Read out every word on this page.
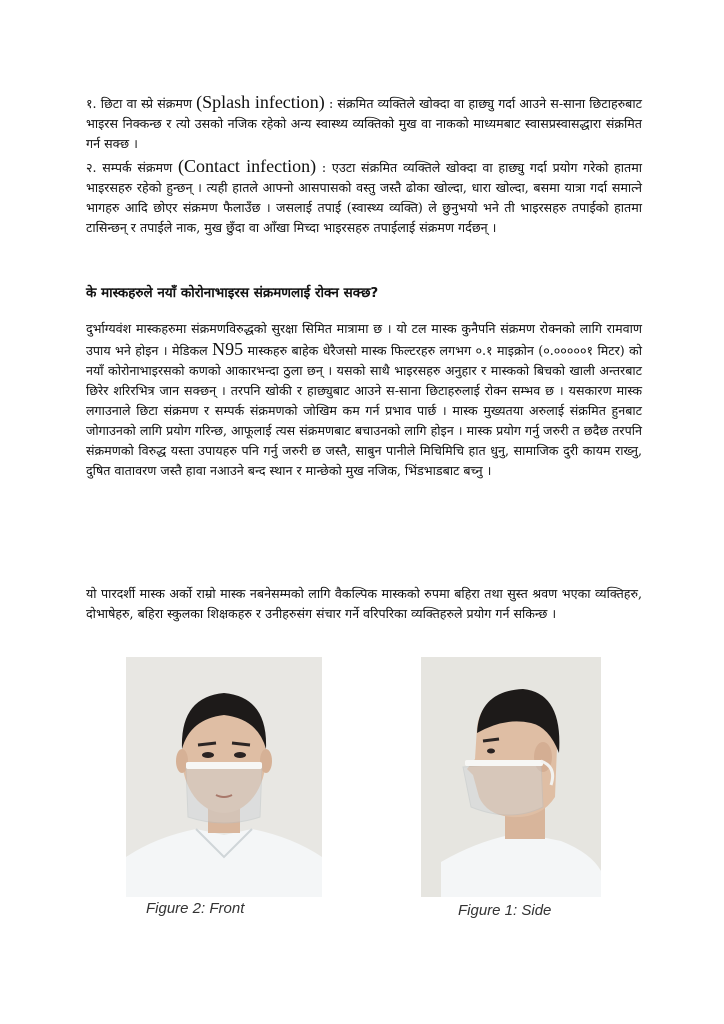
१. छिटा वा स्प्रे संक्रमण (Splash infection) : संक्रमित व्यक्तिले खोक्दा वा हाछ्यु गर्दा आउने स-साना छिटाहरुबाट भाइरस निक्कन्छ र त्यो उसको नजिक रहेको अन्य स्वास्थ्य व्यक्तिको मुख वा नाकको माध्यमबाट स्वासप्रस्वासद्धारा संक्रमित गर्न सक्छ ।
२. सम्पर्क संक्रमण (Contact infection) : एउटा संक्रमित व्यक्तिले खोक्दा वा हाछ्यु गर्दा प्रयोग गरेको हातमा भाइरसहरु रहेको हुन्छन् । त्यही हातले आफ्नो आसपासको वस्तु जस्तै ढोका खोल्दा, धारा खोल्दा, बसमा यात्रा गर्दा समात्ने भागहरु आदि छोएर संक्रमण फैलाउँछ । जसलाई तपाई (स्वास्थ्य व्यक्ति) ले छुनुभयो भने ती भाइरसहरु तपाईको हातमा टासिन्छन् र तपाईले नाक, मुख छुँदा वा आँखा मिच्दा भाइरसहरु तपाईलाई संक्रमण गर्दछन् ।
के मास्कहरुले नयाँ कोरोनाभाइरस संक्रमणलाई रोक्न सक्छ?
दुर्भाग्यवंश मास्कहरुमा संक्रमणविरुद्धको सुरक्षा सिमित मात्रामा छ । यो टल मास्क कुनैपनि संक्रमण रोक्नको लागि रामवाण उपाय भने होइन । मेडिकल N95 मास्कहरु बाहेक धेरैजसो मास्क फिल्टरहरु लगभग ०.१ माइक्रोन (०.०००००१ मिटर) को नयाँ कोरोनाभाइरसको कणको आकारभन्दा ठुला छन् । यसको साथै भाइरसहरु अनुहार र मास्कको बिचको खाली अन्तरबाट छिरेर शरिरभित्र जान सक्छन् । तरपनि खोकी र हाछ्युबाट आउने स-साना छिटाहरुलाई रोक्न सम्भव छ । यसकारण मास्क लगाउनाले छिटा संक्रमण र सम्पर्क संक्रमणको जोखिम कम गर्न प्रभाव पार्छ । मास्क मुख्यतया अरुलाई संक्रमित हुनबाट जोगाउनको लागि प्रयोग गरिन्छ, आफूलाई त्यस संक्रमणबाट बचाउनको लागि होइन । मास्क प्रयोग गर्नु जरुरी त छदैछ तरपनि संक्रमणको विरुद्ध यस्ता उपायहरु पनि गर्नु जरुरी छ जस्तै, साबुन पानीले मिचिमिचि हात धुनु, सामाजिक दुरी कायम राख्नु, दुषित वातावरण जस्तै हावा नआउने बन्द स्थान र मान्छेको मुख नजिक, भिंडभाडबाट बच्नु ।
यो पारदर्शी मास्क अर्को राम्रो मास्क नबनेसम्मको लागि वैकल्पिक मास्कको रुपमा बहिरा तथा सुस्त श्रवण भएका व्यक्तिहरु, दोभाषेहरु, बहिरा स्कुलका शिक्षकहरु र उनीहरुसंग संचार गर्ने वरिपरिका व्यक्तिहरुले प्रयोग गर्न सकिन्छ ।
Figure 2: Front	Figure 1: Side
